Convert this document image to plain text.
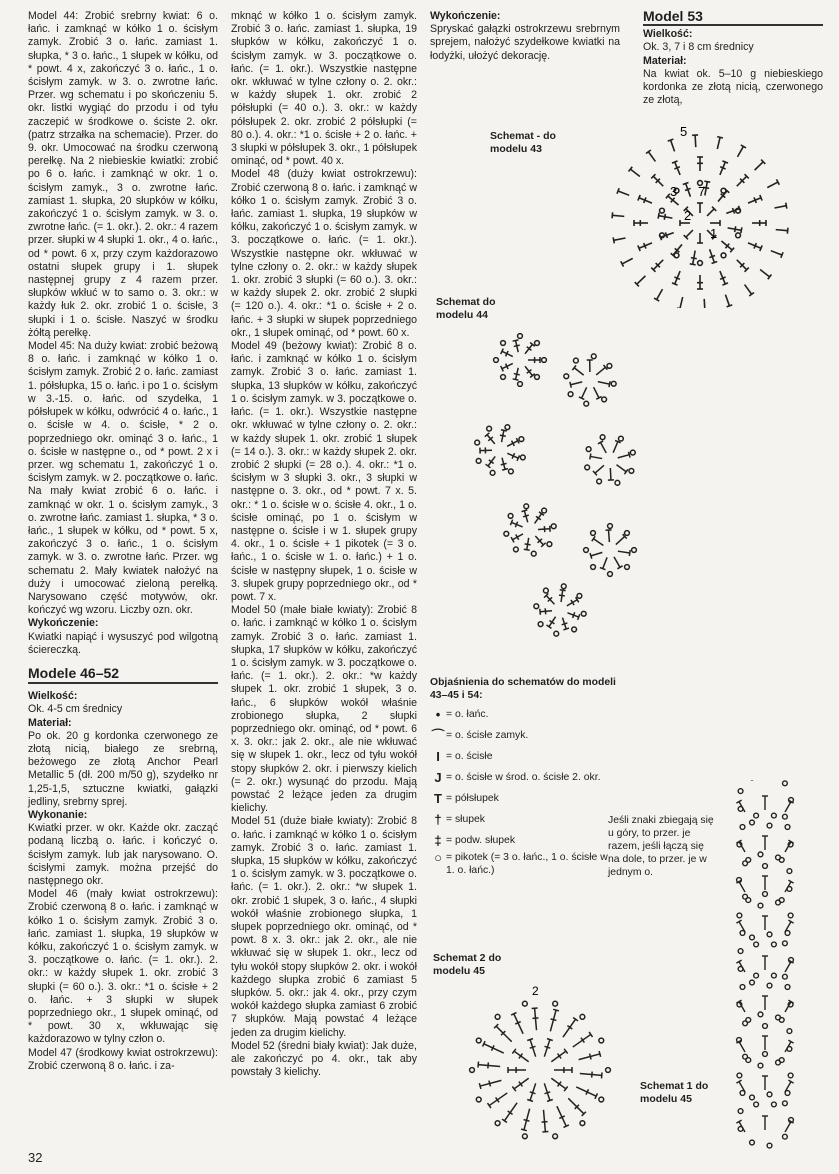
Model 44: Zrobić srebrny kwiat: 6 o. łańc. i zamknąć w kółko 1 o. ścisłym zamyk. Zrobić 3 o. łańc. zamiast 1. słupka, * 3 o. łańc., 1 słupek w kółku, od * powt. 4 x, zakończyć 3 o. łańc., 1 o. ścisłym zamyk. w 3. o. zwrotne łańc. Przer. wg schematu i po skończeniu 5. okr. listki wygiąć do przodu i od tyłu zaczepić w środkowe o. ściste 2. okr. (patrz strzałka na schemacie). Przer. do 9. okr. Umocować na środku czerwoną perełkę. Na 2 niebieskie kwiatki: zrobić po 6 o. łańc. i zamknąć w okr. 1 o. ścisłym zamyk., 3 o. zwrotne łańc. zamiast 1. słupka, 20 słupków w kółku, zakończyć 1 o. ścisłym zamyk. w 3. o. zwrotne łańc. (= 1. okr.). 2. okr.: 4 razem przer. słupki w 4 słupki 1. okr., 4 o. łańc., od * powt. 6 x, przy czym każdorazowo ostatni słupek grupy i 1. słupek następnej grupy z 4 razem przer. słupków wkłuć w to samo o. 3. okr.: w każdy łuk 2. okr. zrobić 1 o. ścisłe, 3 słupki i 1 o. ścisłe. Naszyć w środku żółtą perełkę.

Model 45: Na duży kwiat: zrobić beżową 8 o. łańc. i zamknąć w kółko 1 o. ścisłym zamyk. Zrobić 2 o. łańc. zamiast 1. półsłupka, 15 o. łańc. i po 1 o. ścisłym w 3.-15. o. łańc. od szydełka, 1 półsłupek w kółku, odwrócić 4 o. łańc., 1 o. ścisłe w 4. o. ścisłe, * 2 o. poprzedniego okr. ominąć 3 o. łańc., 1 o. ścisłe w następne o., od * powt. 2 x i przer. wg schematu 1, zakończyć 1 o. ścisłym zamyk. w 2. początkowe o. łańc. Na mały kwiat zrobić 6 o. łańc. i zamknąć w okr. 1 o. ścisłym zamyk., 3 o. zwrotne łańc. zamiast 1. słupka, * 3 o. łańc., 1 słupek w kółku, od * powt. 5 x, zakończyć 3 o. łańc., 1 o. ścisłym zamyk. w 3. o. zwrotne łańc. Przer. wg schematu 2. Mały kwiatek nałożyć na duży i umocować zieloną perełką. Narysowano część motywów, okr. kończyć wg wzoru. Liczby ozn. okr.

Wykończenie:

Kwiatki napiąć i wysuszyć pod wilgotną ściereczką.

Modele 46–52

Wielkość:

Ok. 4-5 cm średnicy

Materiał:

Po ok. 20 g kordonka czerwonego ze złotą nicią, białego ze srebrną, beżowego ze złotą Anchor Pearl Metallic 5 (dł. 200 m/50 g), szydełko nr 1,25-1,5, sztuczne kwiatki, gałązki jedliny, srebrny sprej.

Wykonanie:

Kwiatki przer. w okr. Każde okr. zacząć podaną liczbą o. łańc. i kończyć o. ścisłym zamyk. lub jak narysowano. O. ścisłymi zamyk. można przejść do następnego okr.

Model 46 (mały kwiat ostrokrzewu): Zrobić czerwoną 8 o. łańc. i zamknąć w kółko 1 o. ścisłym zamyk. Zrobić 3 o. łańc. zamiast 1. słupka, 19 słupków w kółku, zakończyć 1 o. ścisłym zamyk. w 3. początkowe o. łańc. (= 1. okr.). 2. okr.: w każdy słupek 1. okr. zrobić 3 słupki (= 60 o.). 3. okr.: *1 o. ścisłe + 2 o. łańc. + 3 słupki w słupek poprzedniego okr., 1 słupek ominąć, od * powt. 30 x, wkłuwając się każdorazowo w tylny człon o.

Model 47 (środkowy kwiat ostrokrzewu): Zrobić czerwoną 8 o. łańc. i za-

mknąć w kółko 1 o. ścisłym zamyk. Zrobić 3 o. łańc. zamiast 1. słupka, 19 słupków w kółku, zakończyć 1 o. ścisłym zamyk. w 3. początkowe o. łańc. (= 1. okr.). Wszystkie następne okr. wkłuwać w tylne człony o. 2. okr.: w każdy słupek 1. okr. zrobić 2 półsłupki (= 40 o.). 3. okr.: w każdy półsłupek 2. okr. zrobić 2 półsłupki (= 80 o.). 4. okr.: *1 o. ścisłe + 2 o. łańc. + 3 słupki w półsłupek 3. okr., 1 półsłupek ominąć, od * powt. 40 x.

Model 48 (duży kwiat ostrokrzewu): Zrobić czerwoną 8 o. łańc. i zamknąć w kółko 1 o. ścisłym zamyk. Zrobić 3 o. łańc. zamiast 1. słupka, 19 słupków w kółku, zakończyć 1 o. ścisłym zamyk. w 3. początkowe o. łańc. (= 1. okr.). Wszystkie następne okr. wkłuwać w tylne człony o. 2. okr.: w każdy słupek 1. okr. zrobić 3 słupki (= 60 o.). 3. okr.: w każdy słupek 2. okr. zrobić 2 słupki (= 120 o.). 4. okr.: *1 o. ścisłe + 2 o. łańc. + 3 słupki w słupek poprzedniego okr., 1 słupek ominąć, od * powt. 60 x.

Model 49 (beżowy kwiat): Zrobić 8 o. łańc. i zamknąć w kółko 1 o. ścisłym zamyk. Zrobić 3 o. łańc. zamiast 1. słupka, 13 słupków w kółku, zakończyć 1 o. ścisłym zamyk. w 3. początkowe o. łańc. (= 1. okr.). Wszystkie następne okr. wkłuwać w tylne człony o. 2. okr.: w każdy słupek 1. okr. zrobić 1 słupek (= 14 o.). 3. okr.: w każdy słupek 2. okr. zrobić 2 słupki (= 28 o.). 4. okr.: *1 o. ścisłym w 3 słupki 3. okr., 3 słupki w następne o. 3. okr., od * powt. 7 x. 5. okr.: * 1 o. ścisłe w o. ścisłe 4. okr., 1 o. ścisłe ominąć, po 1 o. ścisłym w następne o. ścisłe i w 1. słupek grupy 4. okr., 1 o. ścisłe + 1 pikotek (= 3 o. łańc., 1 o. ścisłe w 1. o. łańc.) + 1 o. ścisłe w następny słupek, 1 o. ścisłe w 3. słupek grupy poprzedniego okr., od * powt. 7 x.

Model 50 (małe białe kwiaty): Zrobić 8 o. łańc. i zamknąć w kółko 1 o. ścisłym zamyk. Zrobić 3 o. łańc. zamiast 1. słupka, 17 słupków w kółku, zakończyć 1 o. ścisłym zamyk. w 3. początkowe o. łańc. (= 1. okr.). 2. okr.: *w każdy słupek 1. okr. zrobić 1 słupek, 3 o. łańc., 6 słupków wokół właśnie zrobionego słupka, 2 słupki poprzedniego okr. ominąć, od * powt. 6 x. 3. okr.: jak 2. okr., ale nie wkłuwać się w słupek 1. okr., lecz od tyłu wokół stopy słupków 2. okr. i pierwszy kielich (= 2. okr.) wysunąć do przodu. Mają powstać 2 leżące jeden za drugim kielichy.

Model 51 (duże białe kwiaty): Zrobić 8 o. łańc. i zamknąć w kółko 1 o. ścisłym zamyk. Zrobić 3 o. łańc. zamiast 1. słupka, 15 słupków w kółku, zakończyć 1 o. ścisłym zamyk. w 3. początkowe o. łańc. (= 1. okr.). 2. okr.: *w słupek 1. okr. zrobić 1 słupek, 3 o. łańc., 4 słupki wokół właśnie zrobionego słupka, 1 słupek poprzedniego okr. ominąć, od * powt. 8 x. 3. okr.: jak 2. okr., ale nie wkłuwać się w słupek 1. okr., lecz od tyłu wokół stopy słupków 2. okr. i wokół każdego słupka zrobić 6 zamiast 5 słupków. 5. okr.: jak 4. okr., przy czym wokół każdego słupka zamiast 6 zrobić 7 słupków. Mają powstać 4 leżące jeden za drugim kielichy.

Model 52 (średni biały kwiat): Jak duże, ale zakończyć po 4. okr., tak aby powstały 3 kielichy.

Wykończenie:

Spryskać gałązki ostrokrzewu srebrnym sprejem, nałożyć szydełkowe kwiatki na łodyżki, ułożyć dekorację.

Model 53

Wielkość:

Ok. 3, 7 i 8 cm średnicy

Materiał:

Na kwiat ok. 5–10 g niebieskiego kordonka ze złotą nicią, czerwonego ze złotą,

Schemat - do modelu 43
Schemat do modelu 44
Schemat 2 do modelu 45
Schemat 1 do modelu 45
5
3 7
2
1
2
Objaśnienia do schematów do modeli 43–45 i 54:
• = o. łańc.
⌒ = o. ścisłe zamyk.
I = o. ścisłe
J = o. ścisłe w środ. o. ścisłe 2. okr.
T = półsłupek
† = słupek
‡ = podw. słupek
○ = pikotek (= 3 o. łańc., 1 o. ścisłe w 1. o. łańc.)
Jeśli znaki zbiegają się u góry, to przer. je razem, jeśli łączą się na dole, to przer. je w jednym o.
32
